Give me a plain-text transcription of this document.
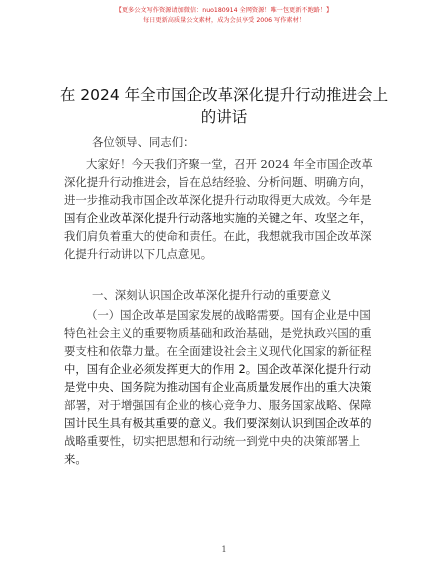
【更多公文写作资源请加微信：nuo180914 全网资源！唯一包更新不跑路！】
每日更新高质量公文素材，成为会员享受 2006 写作素材！
在 2024 年全市国企改革深化提升行动推进会上
的讲话
各位领导、同志们：
大家好！今天我们齐聚一堂，召开 2024 年全市国企改革
深化提升行动推进会，旨在总结经验、分析问题、明确方向，
进一步推动我市国企改革深化提升行动取得更大成效。今年是
国有企业改革深化提升行动落地实施的关键之年、攻坚之年，
我们肩负着重大的使命和责任。在此，我想就我市国企改革深
化提升行动讲以下几点意见。
一、深刻认识国企改革深化提升行动的重要意义
（一）国企改革是国家发展的战略需要。国有企业是中国
特色社会主义的重要物质基础和政治基础，是党执政兴国的重
要支柱和依靠力量。在全面建设社会主义现代化国家的新征程
中，国有企业必须发挥更大的作用 2。国企改革深化提升行动
是党中央、国务院为推动国有企业高质量发展作出的重大决策
部署，对于增强国有企业的核心竞争力、服务国家战略、保障
国计民生具有极其重要的意义。我们要深刻认识到国企改革的
战略重要性，切实把思想和行动统一到党中央的决策部署上
来。
1
